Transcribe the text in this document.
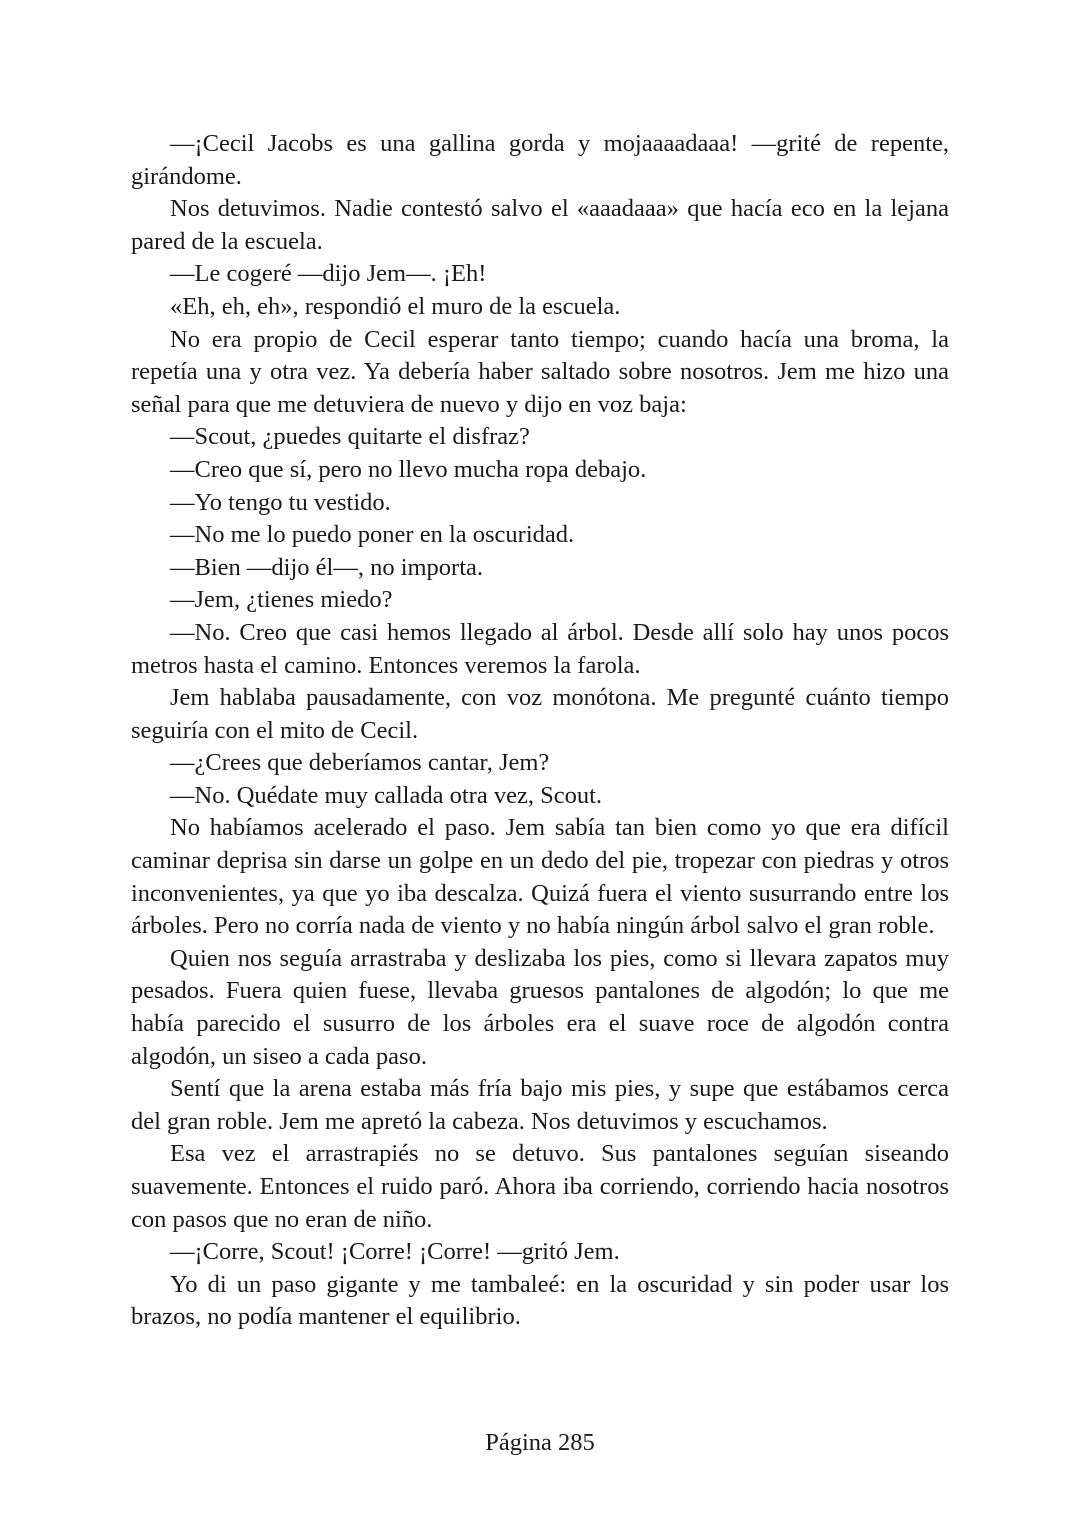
—¡Cecil Jacobs es una gallina gorda y mojaaaadaaa! —grité de repente, girándome.

Nos detuvimos. Nadie contestó salvo el «aaadaaa» que hacía eco en la lejana pared de la escuela.

—Le cogeré —dijo Jem—. ¡Eh!

«Eh, eh, eh», respondió el muro de la escuela.

No era propio de Cecil esperar tanto tiempo; cuando hacía una broma, la repetía una y otra vez. Ya debería haber saltado sobre nosotros. Jem me hizo una señal para que me detuviera de nuevo y dijo en voz baja:

—Scout, ¿puedes quitarte el disfraz?

—Creo que sí, pero no llevo mucha ropa debajo.

—Yo tengo tu vestido.

—No me lo puedo poner en la oscuridad.

—Bien —dijo él—, no importa.

—Jem, ¿tienes miedo?

—No. Creo que casi hemos llegado al árbol. Desde allí solo hay unos pocos metros hasta el camino. Entonces veremos la farola.

Jem hablaba pausadamente, con voz monótona. Me pregunté cuánto tiempo seguiría con el mito de Cecil.

—¿Crees que deberíamos cantar, Jem?

—No. Quédate muy callada otra vez, Scout.

No habíamos acelerado el paso. Jem sabía tan bien como yo que era difícil caminar deprisa sin darse un golpe en un dedo del pie, tropezar con piedras y otros inconvenientes, ya que yo iba descalza. Quizá fuera el viento susurrando entre los árboles. Pero no corría nada de viento y no había ningún árbol salvo el gran roble.

Quien nos seguía arrastraba y deslizaba los pies, como si llevara zapatos muy pesados. Fuera quien fuese, llevaba gruesos pantalones de algodón; lo que me había parecido el susurro de los árboles era el suave roce de algodón contra algodón, un siseo a cada paso.

Sentí que la arena estaba más fría bajo mis pies, y supe que estábamos cerca del gran roble. Jem me apretó la cabeza. Nos detuvimos y escuchamos.

Esa vez el arrastrapiés no se detuvo. Sus pantalones seguían siseando suavemente. Entonces el ruido paró. Ahora iba corriendo, corriendo hacia nosotros con pasos que no eran de niño.

—¡Corre, Scout! ¡Corre! ¡Corre! —gritó Jem.

Yo di un paso gigante y me tambaleé: en la oscuridad y sin poder usar los brazos, no podía mantener el equilibrio.

Página 285
